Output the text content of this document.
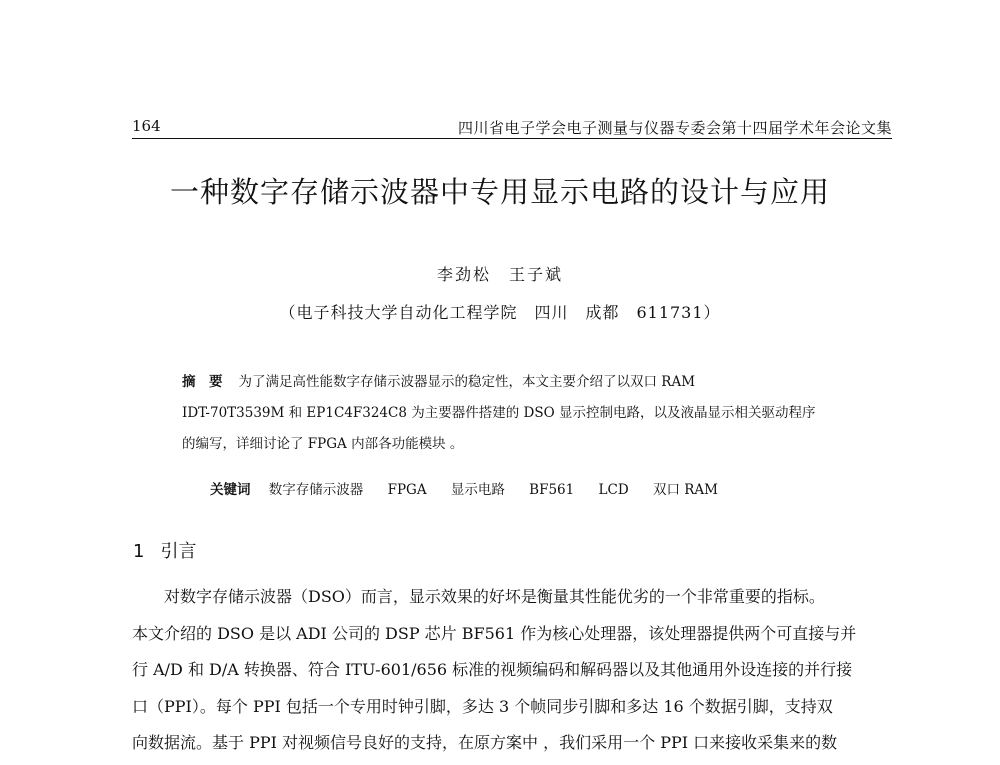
164	四川省电子学会电子测量与仪器专委会第十四届学术年会论文集
一种数字存储示波器中专用显示电路的设计与应用
李劲松　王子斌
（电子科技大学自动化工程学院　四川　成都　611731）
摘　要 为了满足高性能数字存储示波器显示的稳定性，本文主要介绍了以双口 RAM
IDT-70T3539M 和 EP1C4F324C8 为主要器件搭建的 DSO 显示控制电路，以及液晶显示相关驱动程序
的编写，详细讨论了 FPGA 内部各功能模块 。
关键词 数字存储示波器 FPGA 显示电路 BF561 LCD 双口 RAM
1 引言
对数字存储示波器（DSO）而言，显示效果的好坏是衡量其性能优劣的一个非常重要的指标。
本文介绍的 DSO 是以 ADI 公司的 DSP 芯片 BF561 作为核心处理器，该处理器提供两个可直接与并
行 A/D 和 D/A 转换器、符合 ITU-601/656 标准的视频编码和解码器以及其他通用外设连接的并行接
口（PPI）。每个 PPI 包括一个专用时钟引脚，多达 3 个帧同步引脚和多达 16 个数据引脚，支持双
向数据流。基于 PPI 对视频信号良好的支持，在原方案中 ，我们采用一个 PPI 口来接收采集来的数
